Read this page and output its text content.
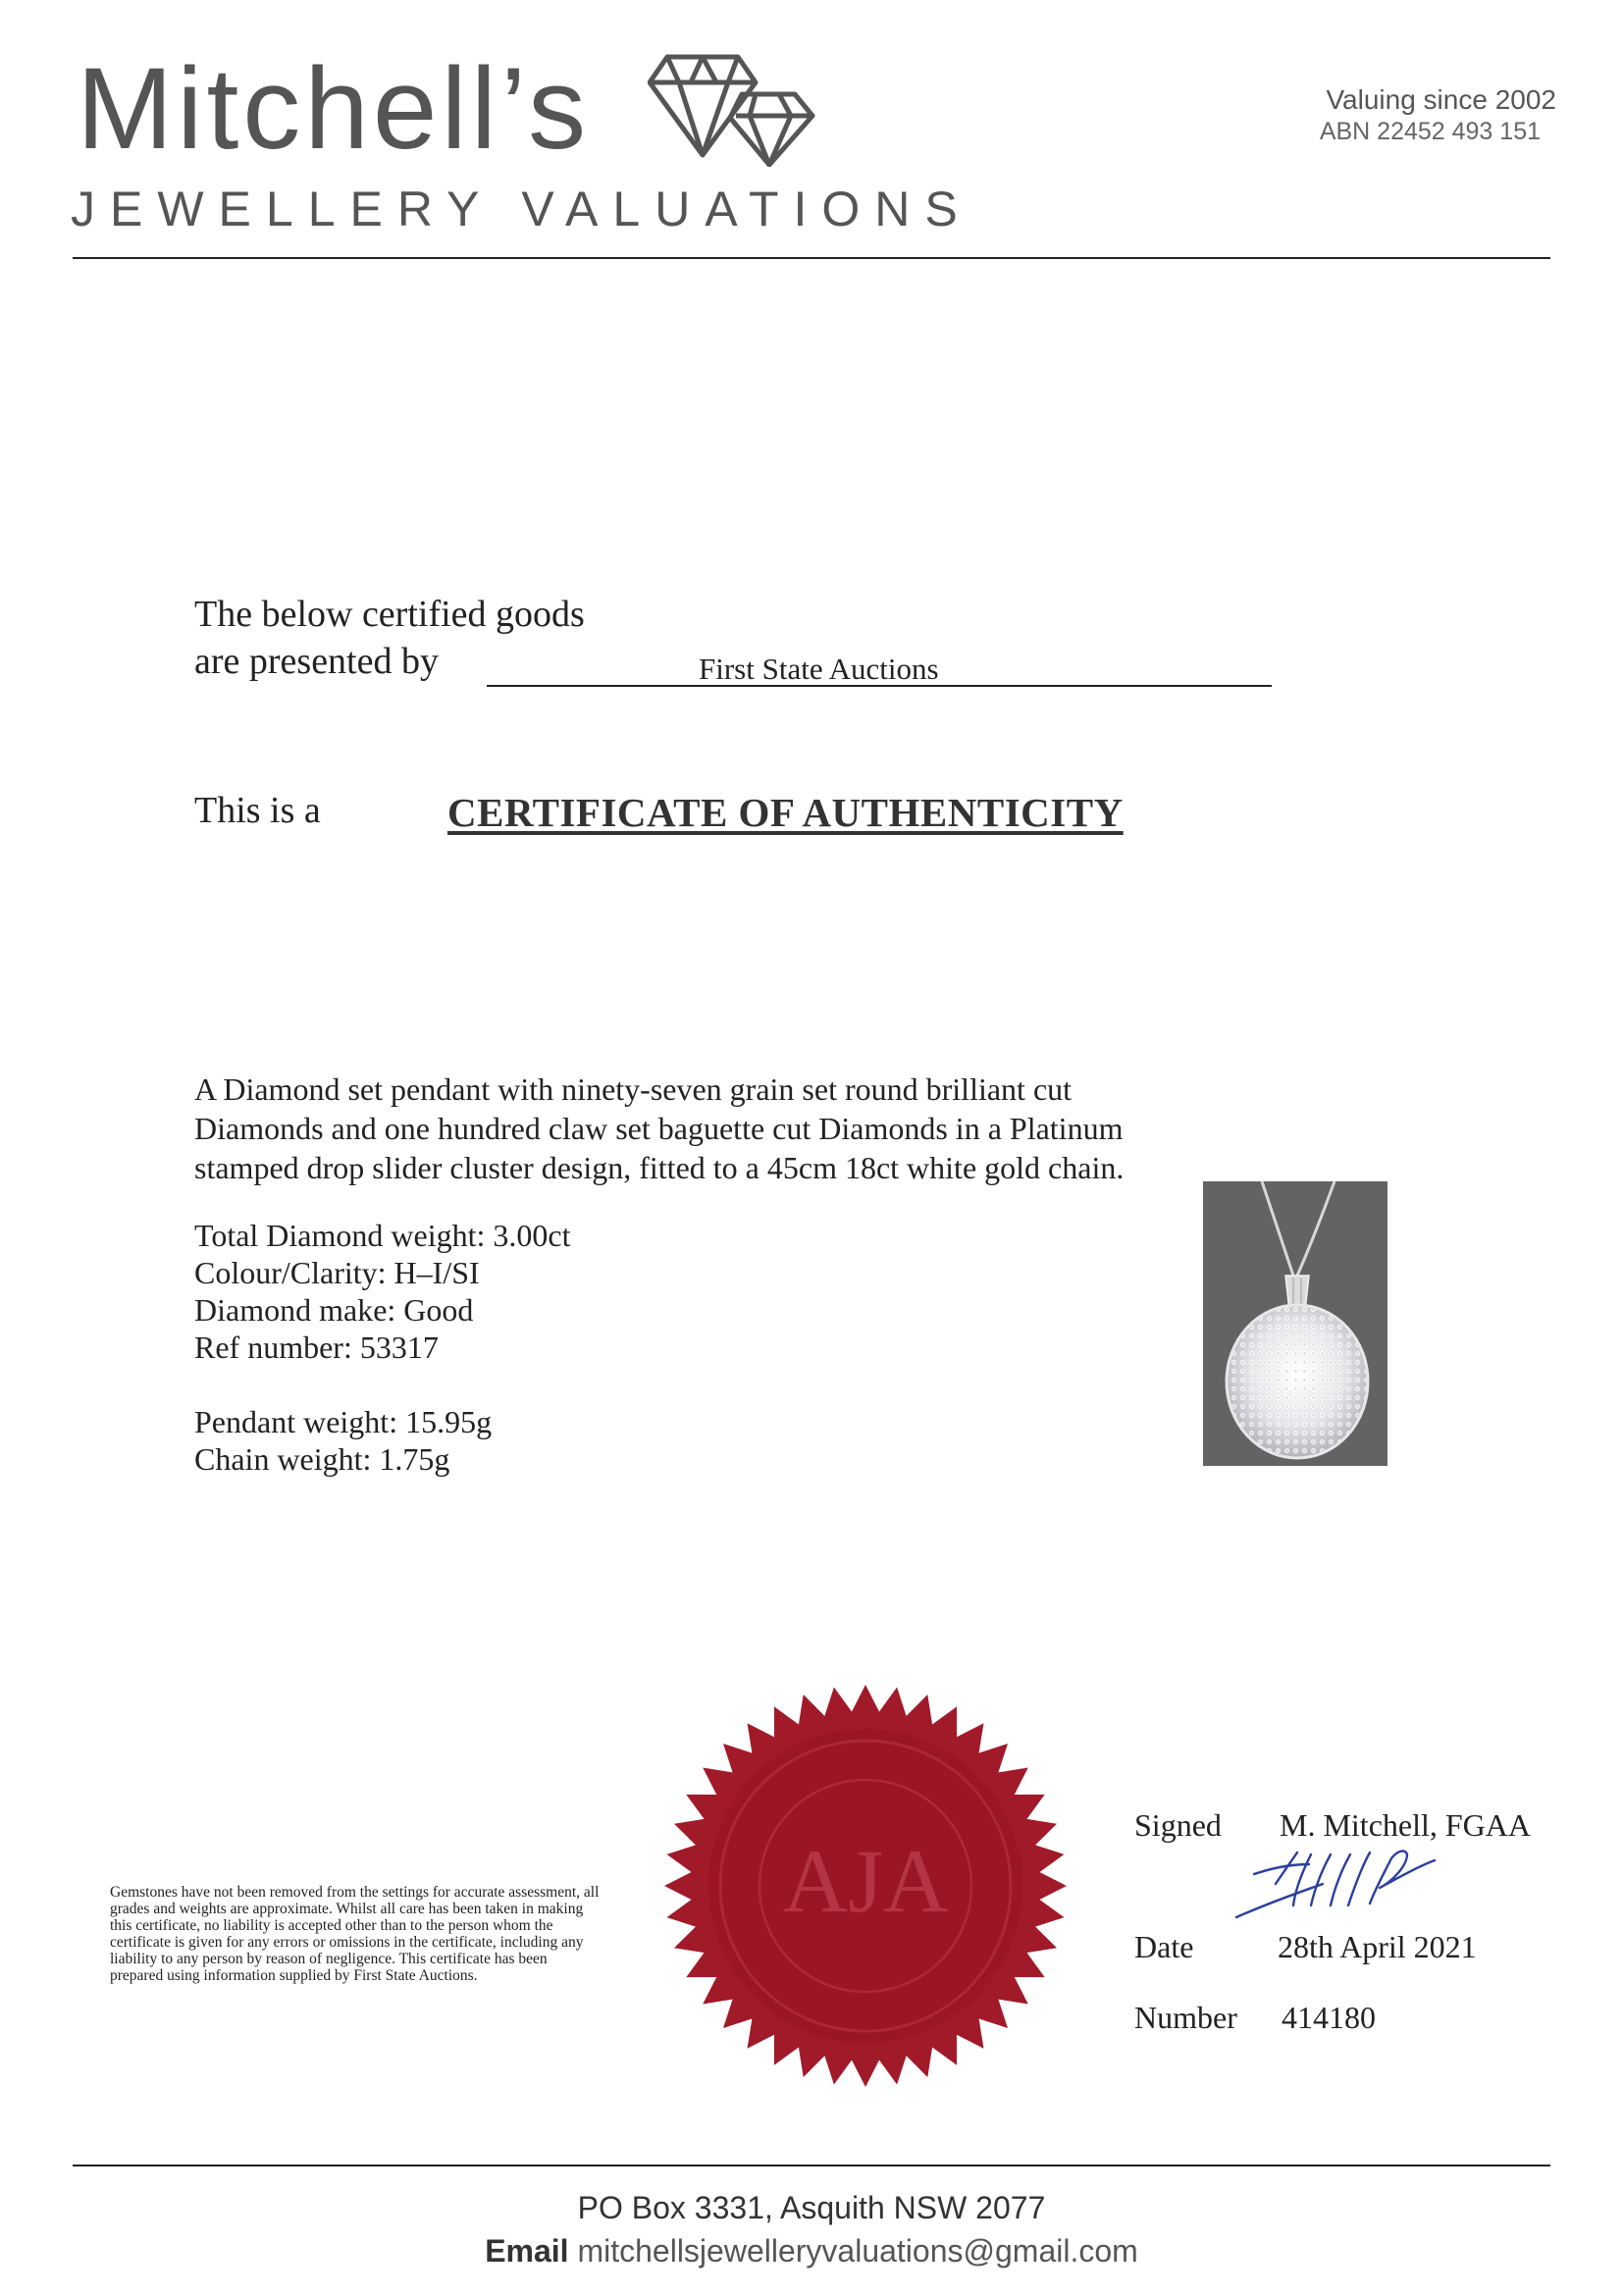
Mitchell’s
JEWELLERY VALUATIONS
Valuing since 2002
ABN 22452 493 151
The below certified goods
are presented by	First State Auctions
This is a	CERTIFICATE OF AUTHENTICITY
A Diamond set pendant with ninety-seven grain set round brilliant cut
Diamonds and one hundred claw set baguette cut Diamonds in a Platinum
stamped drop slider cluster design, fitted to a 45cm 18ct white gold chain.
Total Diamond weight: 3.00ct
Colour/Clarity: H–I/SI
Diamond make: Good
Ref number: 53317
Pendant weight: 15.95g
Chain weight: 1.75g
Gemstones have not been removed from the settings for accurate assessment, all grades and weights are approximate. Whilst all care has been taken in making this certificate, no liability is accepted other than to the person whom the certificate is given for any errors or omissions in the certificate, including any liability to any person by reason of negligence. This certificate has been prepared using information supplied by First State Auctions.
AJA
Signed M. Mitchell, FGAA
Date	28th April 2021
Number 414180
PO Box 3331, Asquith NSW 2077
Email mitchellsjewelleryvaluations@gmail.com
